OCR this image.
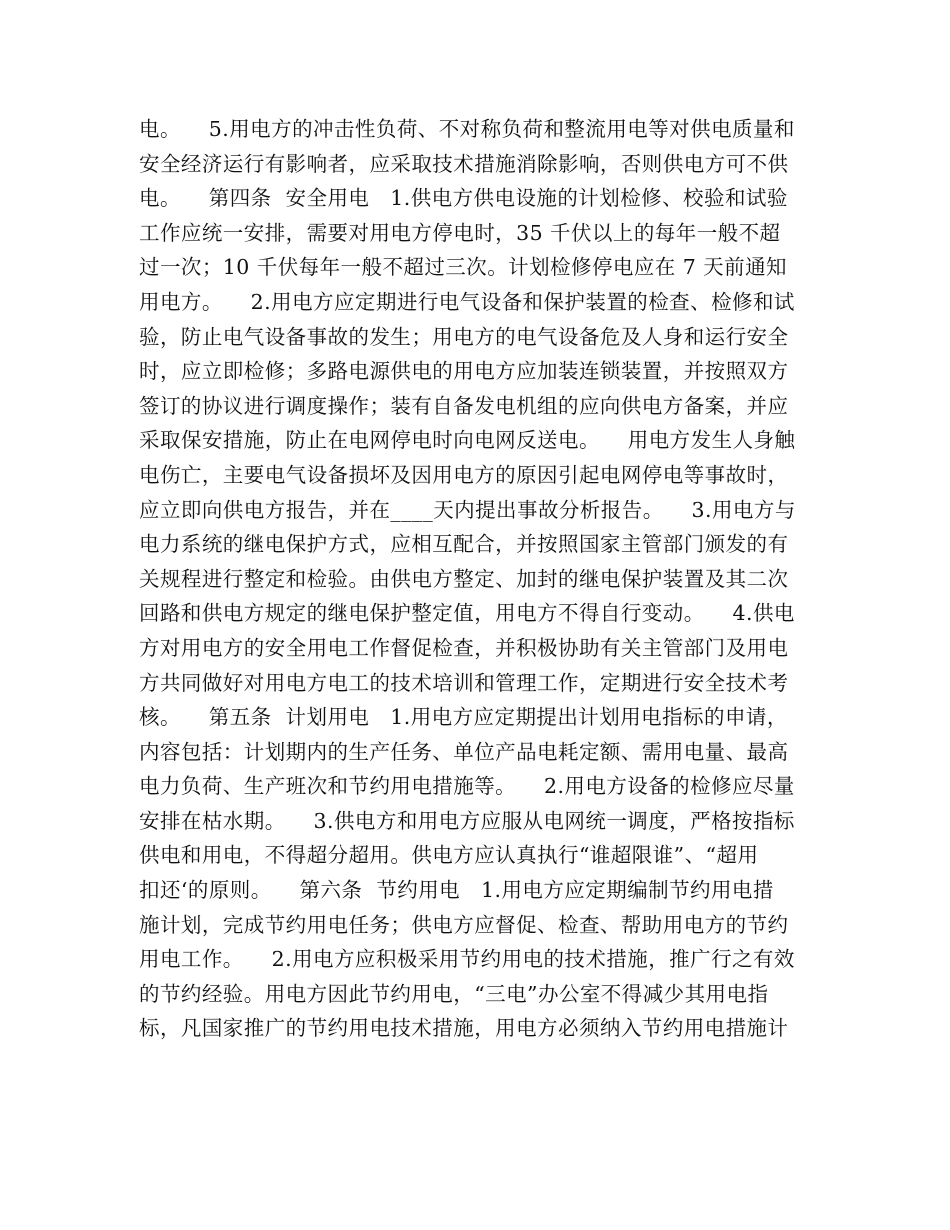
电。    5.用电方的冲击性负荷、不对称负荷和整流用电等对供电质量和
安全经济运行有影响者，应采取技术措施消除影响，否则供电方可不供
电。    第四条  安全用电   1.供电方供电设施的计划检修、校验和试验
工作应统一安排，需要对用电方停电时，35 千伏以上的每年一般不超
过一次；10 千伏每年一般不超过三次。计划检修停电应在 7 天前通知
用电方。    2.用电方应定期进行电气设备和保护装置的检查、检修和试
验，防止电气设备事故的发生；用电方的电气设备危及人身和运行安全
时，应立即检修；多路电源供电的用电方应加装连锁装置，并按照双方
签订的协议进行调度操作；装有自备发电机组的应向供电方备案，并应
采取保安措施，防止在电网停电时向电网反送电。    用电方发生人身触
电伤亡，主要电气设备损坏及因用电方的原因引起电网停电等事故时，
应立即向供电方报告，并在____天内提出事故分析报告。    3.用电方与
电力系统的继电保护方式，应相互配合，并按照国家主管部门颁发的有
关规程进行整定和检验。由供电方整定、加封的继电保护装置及其二次
回路和供电方规定的继电保护整定值，用电方不得自行变动。    4.供电
方对用电方的安全用电工作督促检查，并积极协助有关主管部门及用电
方共同做好对用电方电工的技术培训和管理工作，定期进行安全技术考
核。    第五条  计划用电   1.用电方应定期提出计划用电指标的申请，
内容包括：计划期内的生产任务、单位产品电耗定额、需用电量、最高
电力负荷、生产班次和节约用电措施等。    2.用电方设备的检修应尽量
安排在枯水期。    3.供电方和用电方应服从电网统一调度，严格按指标
供电和用电，不得超分超用。供电方应认真执行“谁超限谁”、“超用
扣还‘的原则。    第六条  节约用电   1.用电方应定期编制节约用电措
施计划，完成节约用电任务；供电方应督促、检查、帮助用电方的节约
用电工作。    2.用电方应积极采用节约用电的技术措施，推广行之有效
的节约经验。用电方因此节约用电，“三电”办公室不得减少其用电指
标，凡国家推广的节约用电技术措施，用电方必须纳入节约用电措施计
